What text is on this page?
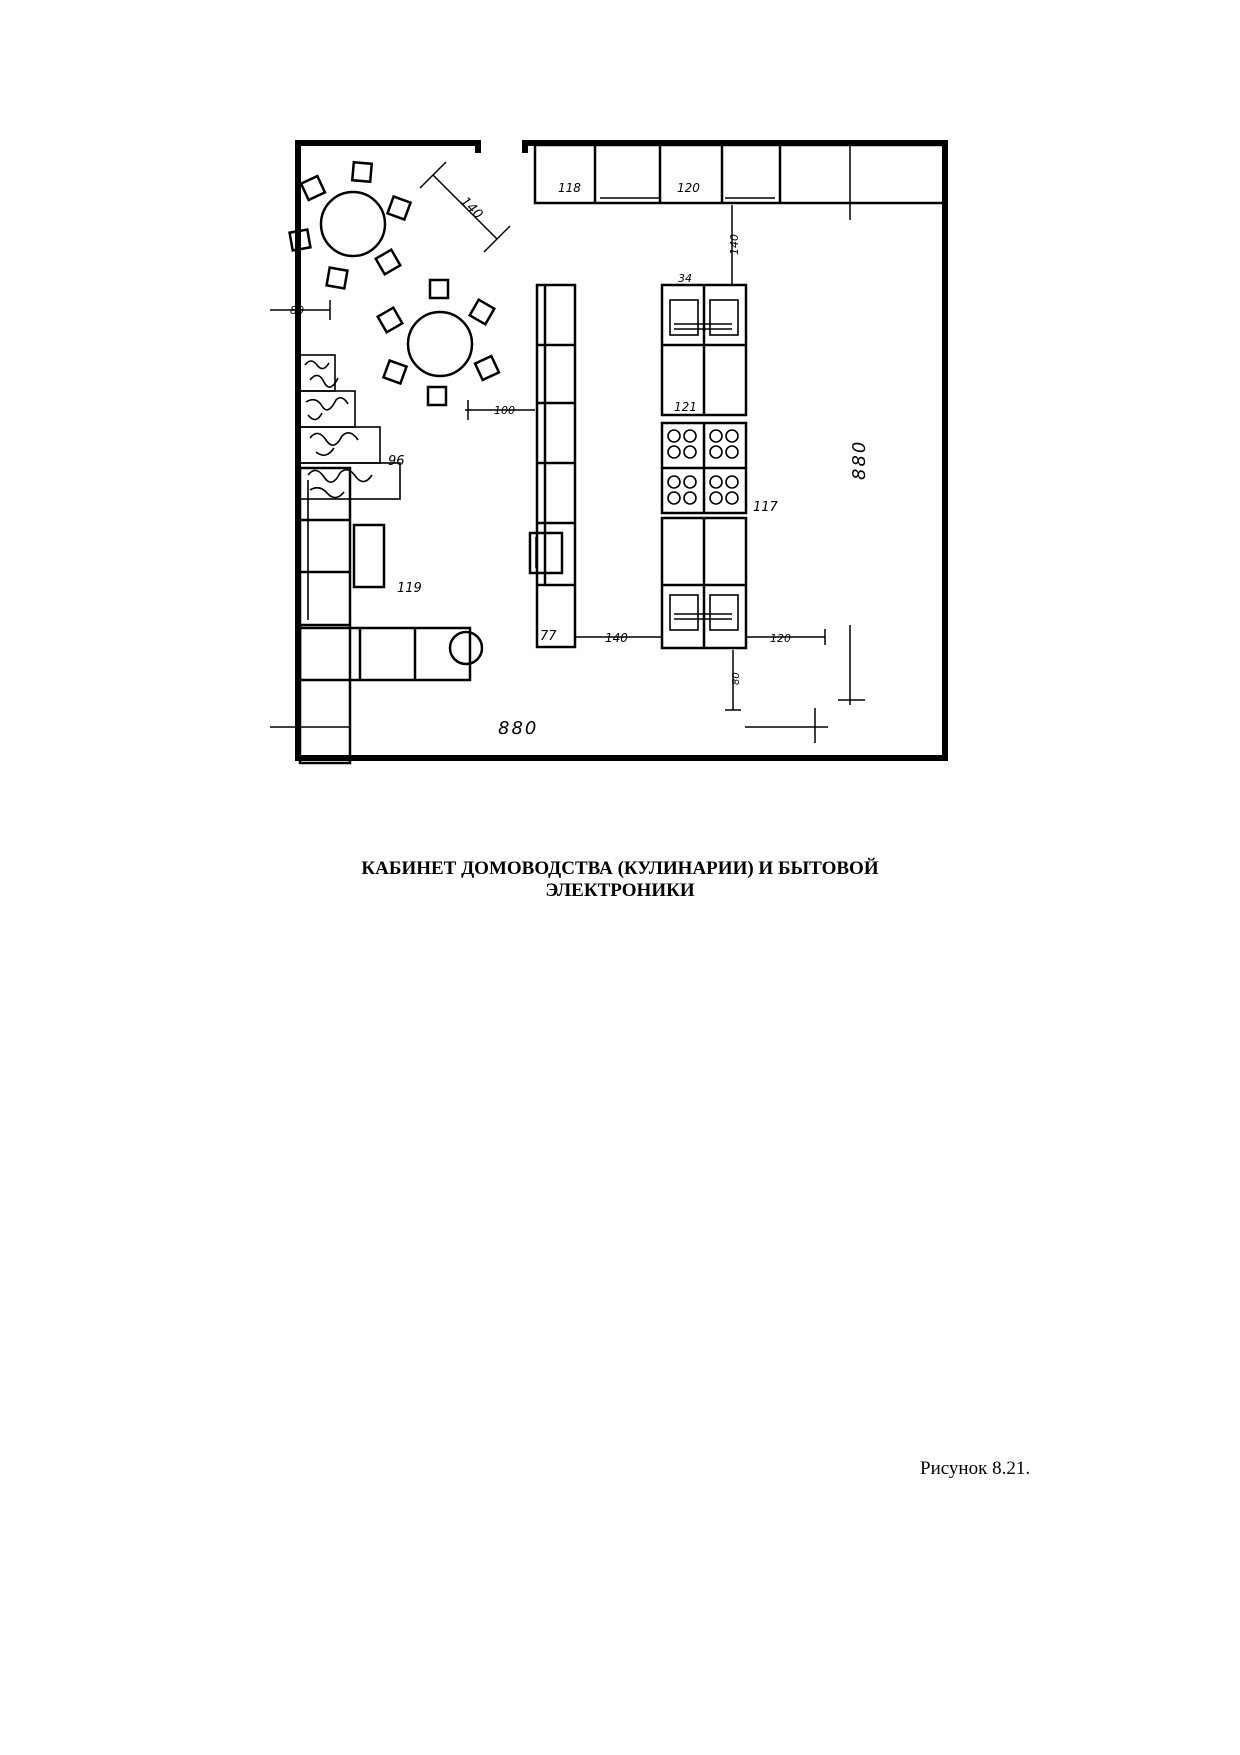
118	120
140
80
96
119
100
77
34
121
117
140
140	120
80
880
880
КАБИНЕТ ДОМОВОДСТВА (КУЛИНАРИИ) И БЫТОВОЙ
ЭЛЕКТРОНИКИ
Рисунок 8.21.
